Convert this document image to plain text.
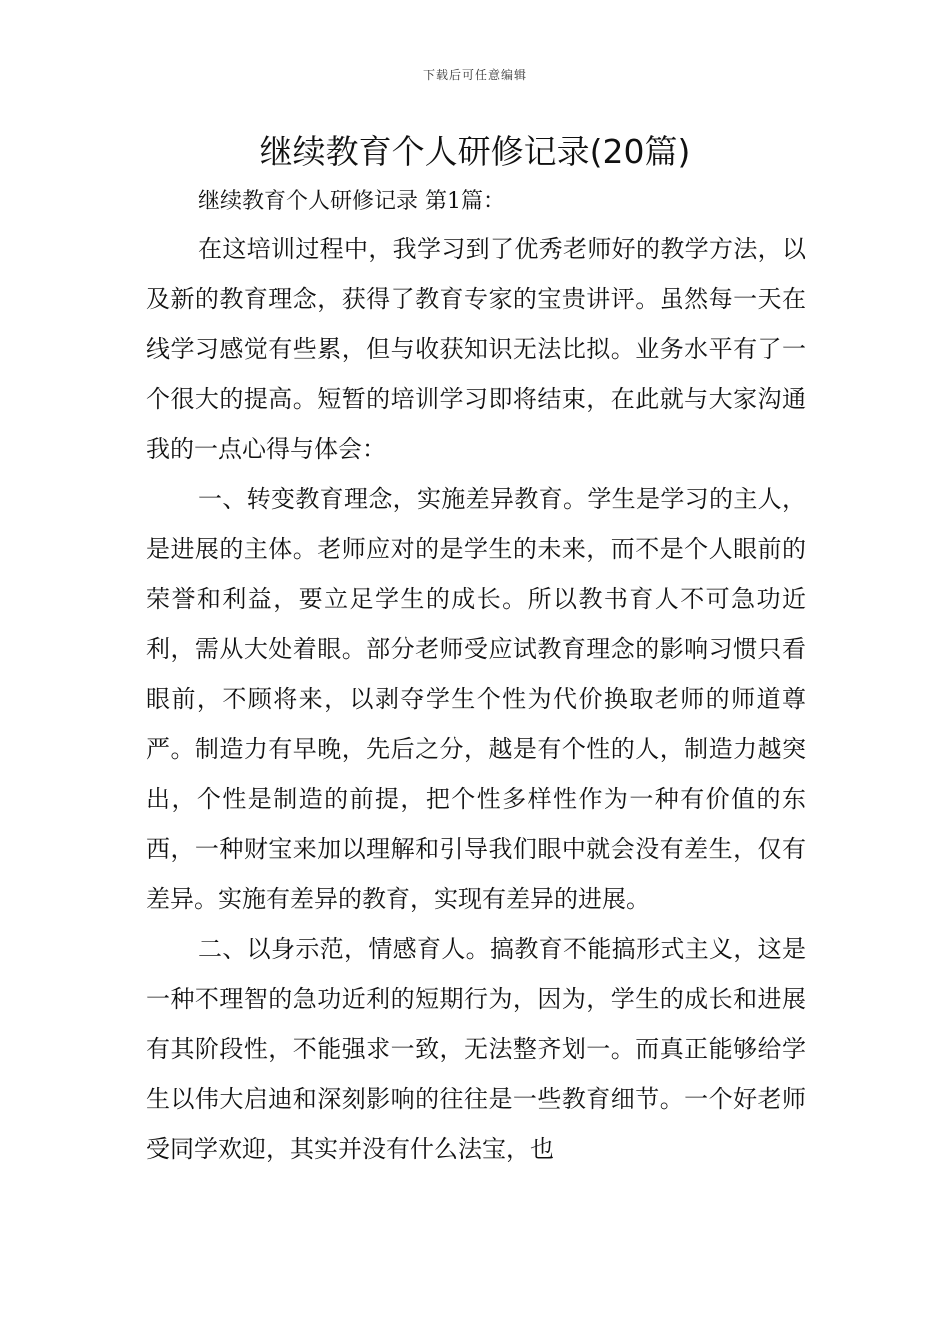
下载后可任意编辑
继续教育个人研修记录(20篇)

继续教育个人研修记录 第1篇：

在这培训过程中，我学习到了优秀老师好的教学方法，以及新的教育理念，获得了教育专家的宝贵讲评。虽然每一天在线学习感觉有些累，但与收获知识无法比拟。业务水平有了一个很大的提高。短暂的培训学习即将结束，在此就与大家沟通我的一点心得与体会：

一、转变教育理念，实施差异教育。学生是学习的主人，是进展的主体。老师应对的是学生的未来，而不是个人眼前的荣誉和利益，要立足学生的成长。所以教书育人不可急功近利，需从大处着眼。部分老师受应试教育理念的影响习惯只看眼前，不顾将来，以剥夺学生个性为代价换取老师的师道尊严。制造力有早晚，先后之分，越是有个性的人，制造力越突出，个性是制造的前提，把个性多样性作为一种有价值的东西，一种财宝来加以理解和引导我们眼中就会没有差生，仅有差异。实施有差异的教育，实现有差异的进展。

二、以身示范，情感育人。搞教育不能搞形式主义，这是一种不理智的急功近利的短期行为，因为，学生的成长和进展有其阶段性，不能强求一致，无法整齐划一。而真正能够给学生以伟大启迪和深刻影响的往往是一些教育细节。一个好老师受同学欢迎，其实并没有什么法宝，也
